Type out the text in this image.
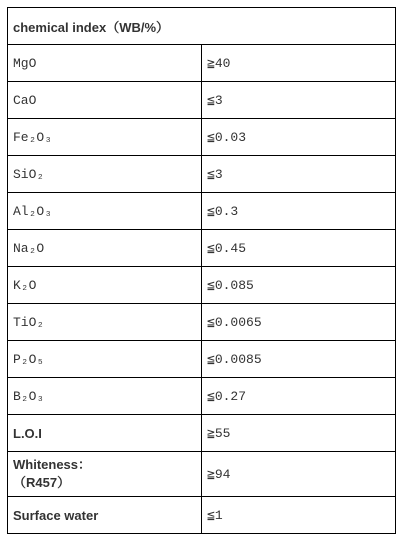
chemical index（WB/%）	
MgO	≧40
CaO	≦3
Fe₂O₃	≦0.03
SiO₂	≦3
Al₂O₃	≦0.3
Na₂O	≦0.45
K₂O	≦0.085
TiO₂	≦0.0065
P₂O₅	≦0.0085
B₂O₃	≦0.27
L.O.I	≧55
Whiteness：
（R457）	≧94
Surface water	≦1
